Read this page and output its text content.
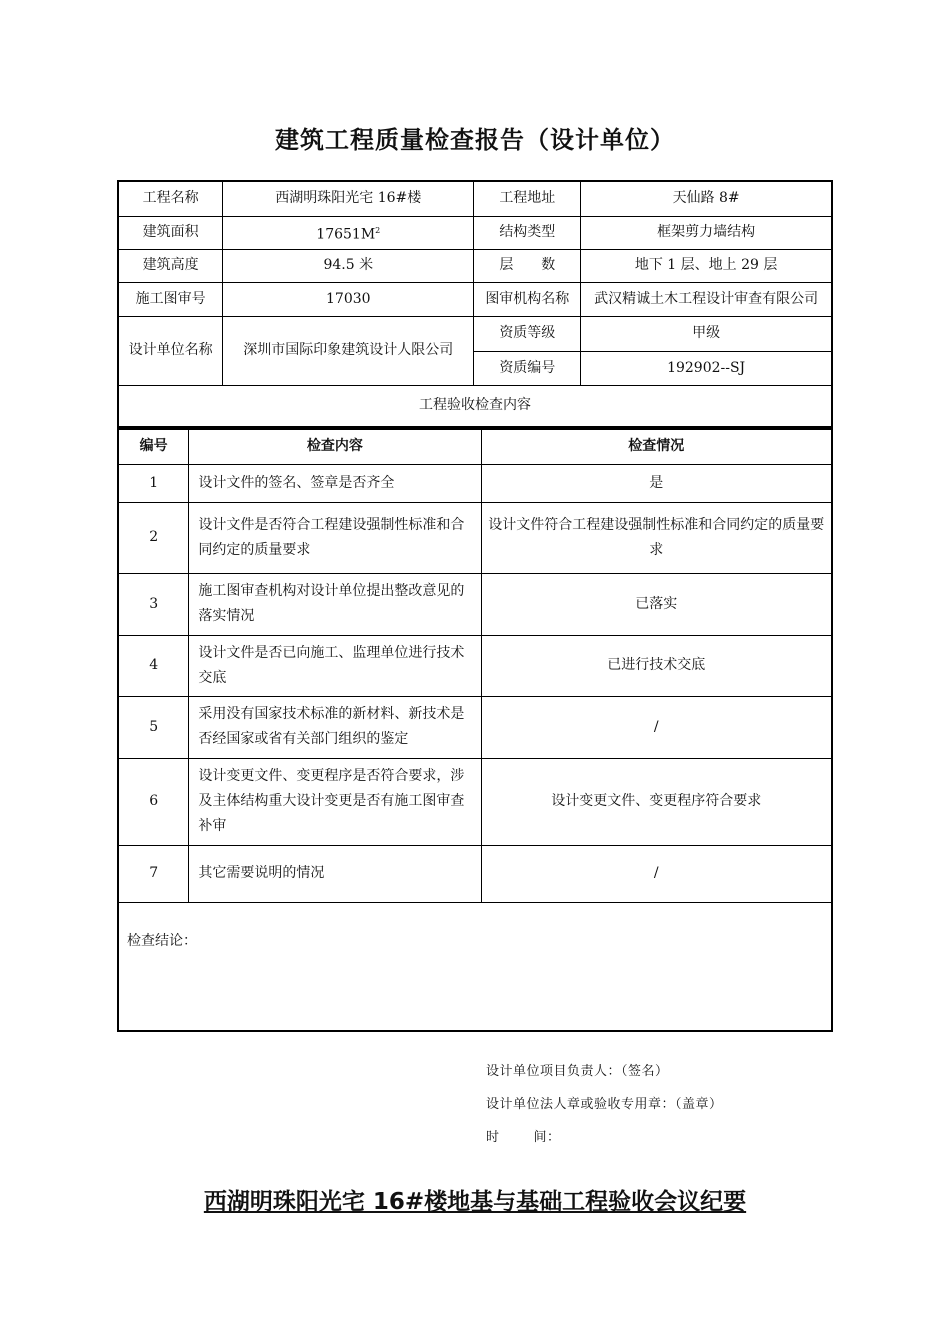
建筑工程质量检查报告（设计单位）
工程名称	西湖明珠阳光宅 16#楼	工程地址	天仙路 8#
建筑面积	$17651M^2$	结构类型	框架剪力墙结构
建筑高度	94.5 米	层　　数	地下 1 层、地上 29 层
施工图审号	17030	图审机构名称	武汉精诚土木工程设计审查有限公司
设计单位名称	深圳市国际印象建筑设计人限公司	资质等级	甲级
		资质编号	192902--SJ
工程验收检查内容			
编号	检查内容	检查情况
1	设计文件的签名、签章是否齐全	是
2	设计文件是否符合工程建设强制性标准和合同约定的质量要求	设计文件符合工程建设强制性标准和合同约定的质量要求
3	施工图审查机构对设计单位提出整改意见的落实情况	已落实
4	设计文件是否已向施工、监理单位进行技术交底	已进行技术交底
5	采用没有国家技术标准的新材料、新技术是否经国家或省有关部门组织的鉴定	/
6	设计变更文件、变更程序是否符合要求，涉及主体结构重大设计变更是否有施工图审查补审	设计变更文件、变更程序符合要求
7	其它需要说明的情况	/
检查结论：		
设计单位项目负责人：（签名）
设计单位法人章或验收专用章：（盖章）
时	间：
西湖明珠阳光宅 16#楼地基与基础工程验收会议纪要
